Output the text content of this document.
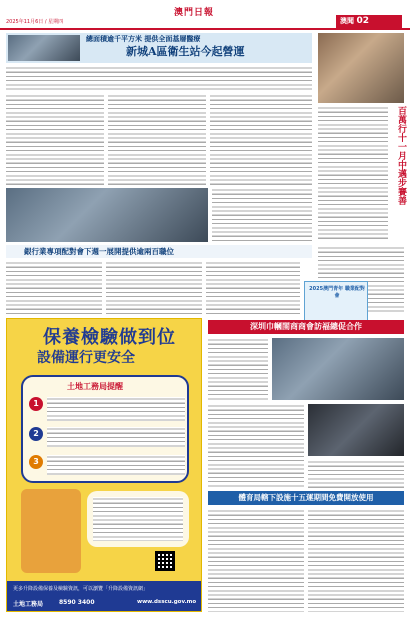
2025年11月6日 / 星期四
澳門日報
澳聞 02
總面積逾千平方米 提供全面基層醫療
新城A區衛生站今起營運
百萬行十一月中邁步賽善
銀行業專項配對會下週一展開提供逾兩百職位
2025澳門青年 職業配對會
保養檢驗做到位
設備運行更安全
土地工務局提醒
1
2
3
更多升降設備保養及檢驗資訊，可以瀏覽「升降設備資訊網」
土地工務局	8590 3400	www.dsscu.gov.mo
深圳巾幗閨商商會訪福總促合作
體育局轄下設施十五運期間免費開放使用
